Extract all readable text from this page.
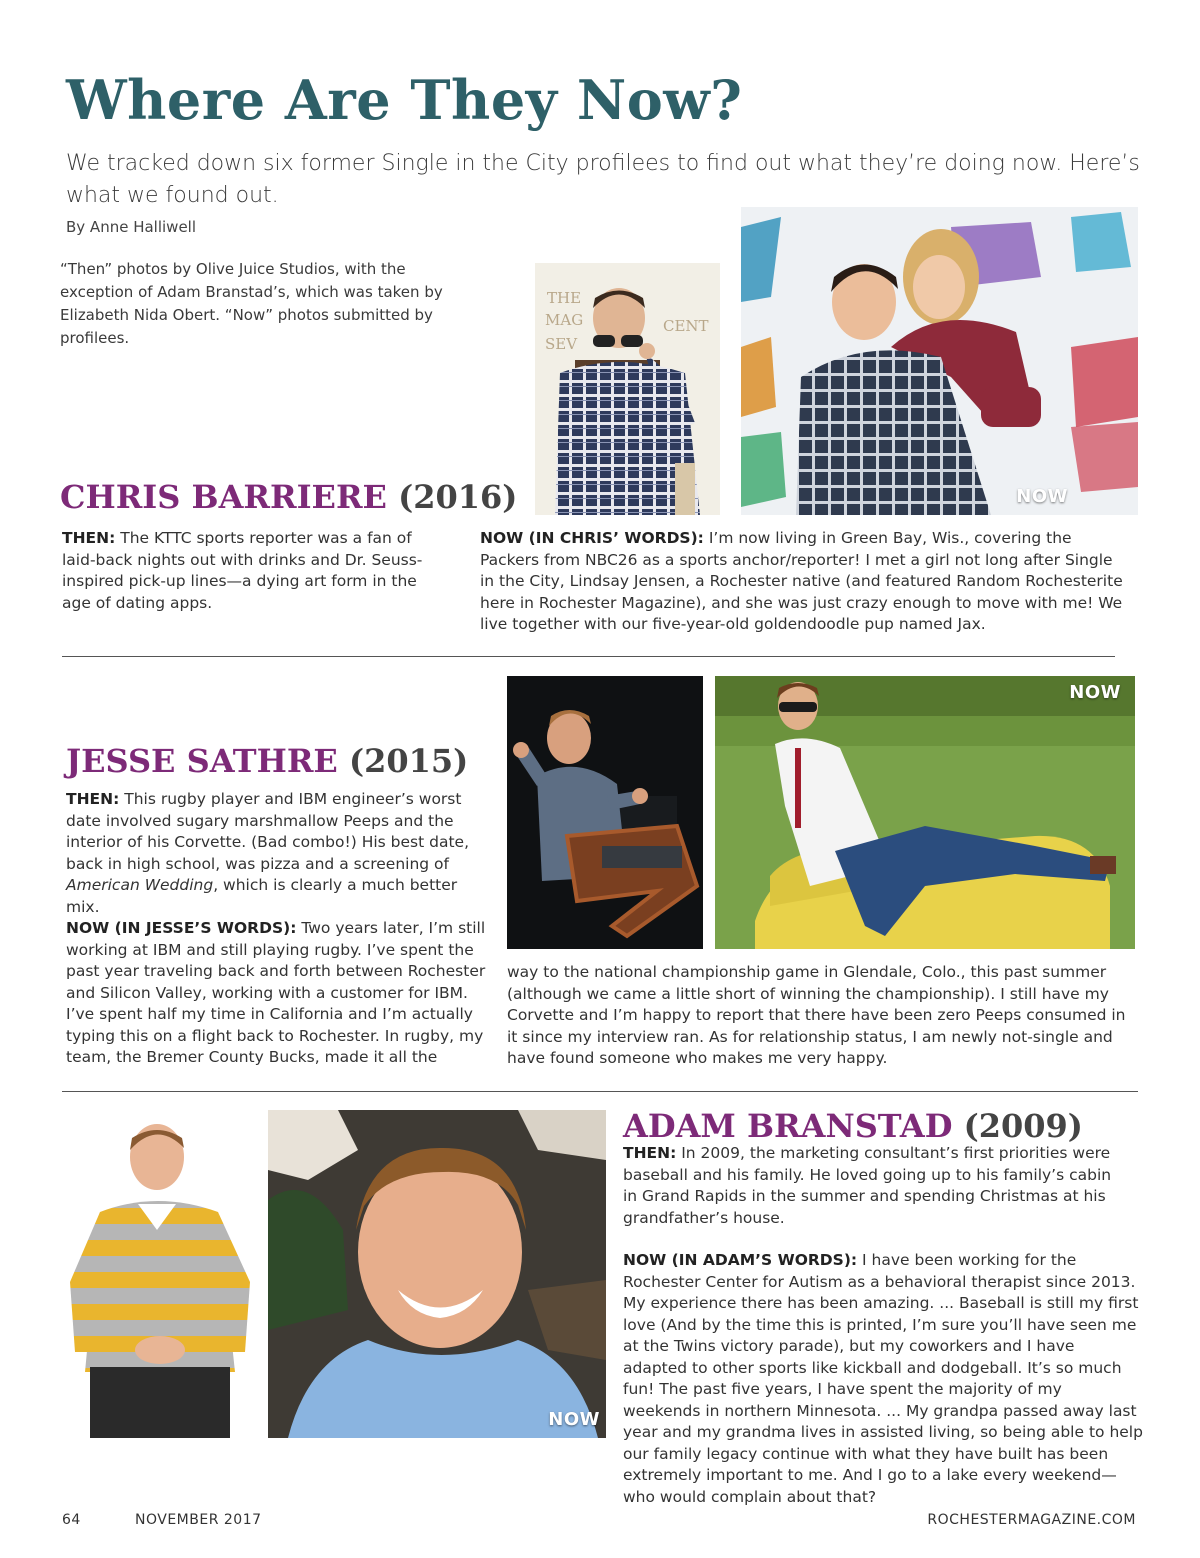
Where Are They Now?

We tracked down six former Single in the City profilees to find out what they’re doing now. Here’s what we found out.

By Anne Halliwell

“Then” photos by Olive Juice Studios, with the exception of Adam Branstad’s, which was taken by Elizabeth Nida Obert. “Now” photos submitted by profilees.

THE
MAG	CENT
SEV
NOW
CHRIS BARRIERE (2016)

THEN: The KTTC sports reporter was a fan of laid-back nights out with drinks and Dr. Seuss-inspired pick-up lines—a dying art form in the age of dating apps.

NOW (IN CHRIS’ WORDS): I’m now living in Green Bay, Wis., covering the Packers from NBC26 as a sports anchor/reporter! I met a girl not long after Single in the City, Lindsay Jensen, a Rochester native (and featured Random Rochesterite here in Rochester Magazine), and she was just crazy enough to move with me! We live together with our five-year-old goldendoodle pup named Jax.

NOW
JESSE SATHRE (2015)

THEN: This rugby player and IBM engineer’s worst date involved sugary marshmallow Peeps and the interior of his Corvette. (Bad combo!) His best date, back in high school, was pizza and a screening of American Wedding, which is clearly a much better mix.

NOW (IN JESSE’S WORDS): Two years later, I’m still working at IBM and still playing rugby. I’ve spent the past year traveling back and forth between Rochester and Silicon Valley, working with a customer for IBM. I’ve spent half my time in California and I’m actually typing this on a flight back to Rochester. In rugby, my team, the Bremer County Bucks, made it all the

way to the national championship game in Glendale, Colo., this past summer (although we came a little short of winning the championship). I still have my Corvette and I’m happy to report that there have been zero Peeps consumed in it since my interview ran. As for relationship status, I am newly not-single and have found someone who makes me very happy.

NOW
ADAM BRANSTAD (2009)

THEN: In 2009, the marketing consultant’s first priorities were baseball and his family. He loved going up to his family’s cabin in Grand Rapids in the summer and spending Christmas at his grandfather’s house.

NOW (IN ADAM’S WORDS): I have been working for the Rochester Center for Autism as a behavioral therapist since 2013. My experience there has been amazing. ... Baseball is still my first love (And by the time this is printed, I’m sure you’ll have seen me at the Twins victory parade), but my coworkers and I have adapted to other sports like kickball and dodgeball. It’s so much fun! The past five years, I have spent the majority of my weekends in northern Minnesota. ... My grandpa passed away last year and my grandma lives in assisted living, so being able to help our family legacy continue with what they have built has been extremely important to me. And I go to a lake every weekend—who would complain about that?

64	NOVEMBER 2017	ROCHESTERMAGAZINE.COM
